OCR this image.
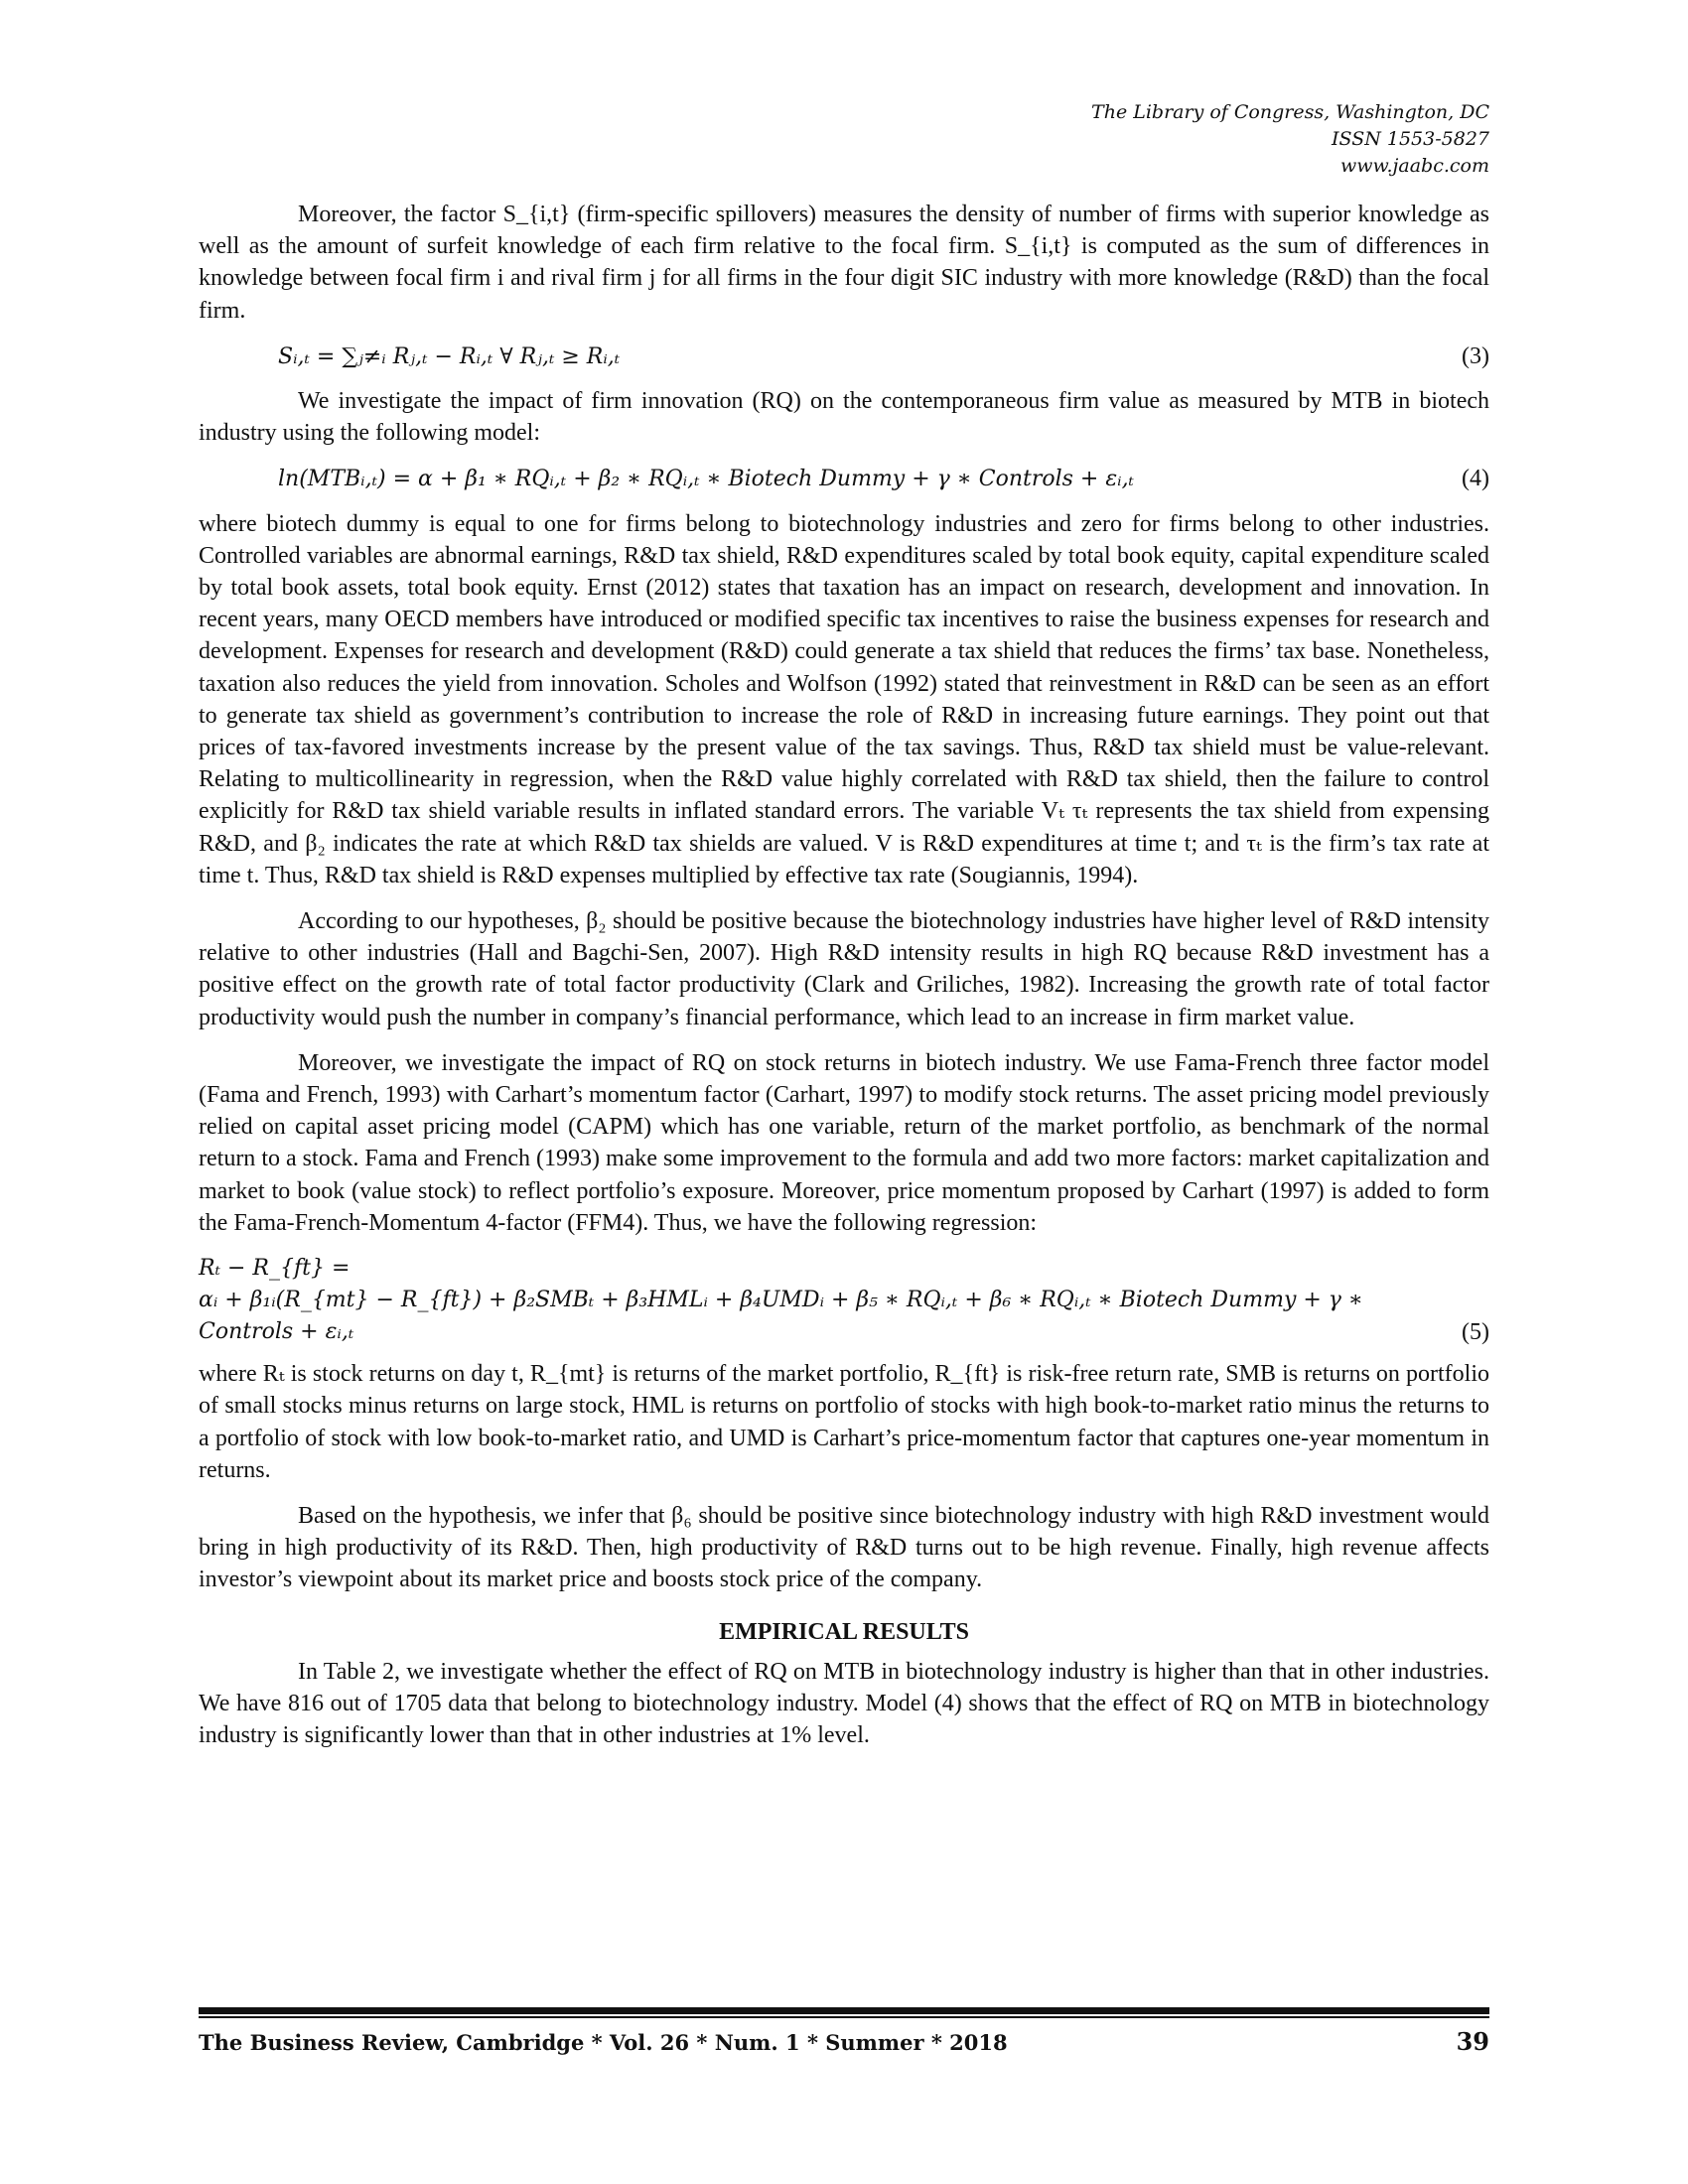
The Library of Congress, Washington, DC
ISSN 1553-5827
www.jaabc.com

Moreover, the factor S_{i,t} (firm-specific spillovers) measures the density of number of firms with superior knowledge as well as the amount of surfeit knowledge of each firm relative to the focal firm. S_{i,t} is computed as the sum of differences in knowledge between focal firm i and rival firm j for all firms in the four digit SIC industry with more knowledge (R&D) than the focal firm.

Sᵢ,ₜ = ∑ⱼ≠ᵢ Rⱼ,ₜ − Rᵢ,ₜ ∀ Rⱼ,ₜ ≥ Rᵢ,ₜ	(3)

We investigate the impact of firm innovation (RQ) on the contemporaneous firm value as measured by MTB in biotech industry using the following model:

ln(MTBᵢ,ₜ) = α + β₁ ∗ RQᵢ,ₜ + β₂ ∗ RQᵢ,ₜ ∗ Biotech Dummy + γ ∗ Controls + εᵢ,ₜ	(4)

where biotech dummy is equal to one for firms belong to biotechnology industries and zero for firms belong to other industries. Controlled variables are abnormal earnings, R&D tax shield, R&D expenditures scaled by total book equity, capital expenditure scaled by total book assets, total book equity. Ernst (2012) states that taxation has an impact on research, development and innovation. In recent years, many OECD members have introduced or modified specific tax incentives to raise the business expenses for research and development. Expenses for research and development (R&D) could generate a tax shield that reduces the firms’ tax base. Nonetheless, taxation also reduces the yield from innovation. Scholes and Wolfson (1992) stated that reinvestment in R&D can be seen as an effort to generate tax shield as government’s contribution to increase the role of R&D in increasing future earnings. They point out that prices of tax-favored investments increase by the present value of the tax savings. Thus, R&D tax shield must be value-relevant. Relating to multicollinearity in regression, when the R&D value highly correlated with R&D tax shield, then the failure to control explicitly for R&D tax shield variable results in inflated standard errors. The variable Vₜ τₜ represents the tax shield from expensing R&D, and β₂ indicates the rate at which R&D tax shields are valued. V is R&D expenditures at time t; and τₜ is the firm’s tax rate at time t. Thus, R&D tax shield is R&D expenses multiplied by effective tax rate (Sougiannis, 1994).

According to our hypotheses, β₂ should be positive because the biotechnology industries have higher level of R&D intensity relative to other industries (Hall and Bagchi-Sen, 2007). High R&D intensity results in high RQ because R&D investment has a positive effect on the growth rate of total factor productivity (Clark and Griliches, 1982). Increasing the growth rate of total factor productivity would push the number in company’s financial performance, which lead to an increase in firm market value.

Moreover, we investigate the impact of RQ on stock returns in biotech industry. We use Fama-French three factor model (Fama and French, 1993) with Carhart’s momentum factor (Carhart, 1997) to modify stock returns. The asset pricing model previously relied on capital asset pricing model (CAPM) which has one variable, return of the market portfolio, as benchmark of the normal return to a stock. Fama and French (1993) make some improvement to the formula and add two more factors: market capitalization and market to book (value stock) to reflect portfolio’s exposure. Moreover, price momentum proposed by Carhart (1997) is added to form the Fama-French-Momentum 4-factor (FFM4). Thus, we have the following regression:

Rₜ − R_{ft} =
αᵢ + β₁ᵢ(R_{mt} − R_{ft}) + β₂SMBₜ + β₃HMLᵢ + β₄UMDᵢ + β₅ ∗ RQᵢ,ₜ + β₆ ∗ RQᵢ,ₜ ∗ Biotech Dummy + γ ∗
Controls + εᵢ,ₜ	(5)

where Rₜ is stock returns on day t, R_{mt} is returns of the market portfolio, R_{ft} is risk-free return rate, SMB is returns on portfolio of small stocks minus returns on large stock, HML is returns on portfolio of stocks with high book-to-market ratio minus the returns to a portfolio of stock with low book-to-market ratio, and UMD is Carhart’s price-momentum factor that captures one-year momentum in returns.

Based on the hypothesis, we infer that β₆ should be positive since biotechnology industry with high R&D investment would bring in high productivity of its R&D. Then, high productivity of R&D turns out to be high revenue. Finally, high revenue affects investor’s viewpoint about its market price and boosts stock price of the company.

EMPIRICAL RESULTS

In Table 2, we investigate whether the effect of RQ on MTB in biotechnology industry is higher than that in other industries. We have 816 out of 1705 data that belong to biotechnology industry. Model (4) shows that the effect of RQ on MTB in biotechnology industry is significantly lower than that in other industries at 1% level.

The Business Review, Cambridge * Vol. 26 * Num. 1 * Summer * 2018	39
